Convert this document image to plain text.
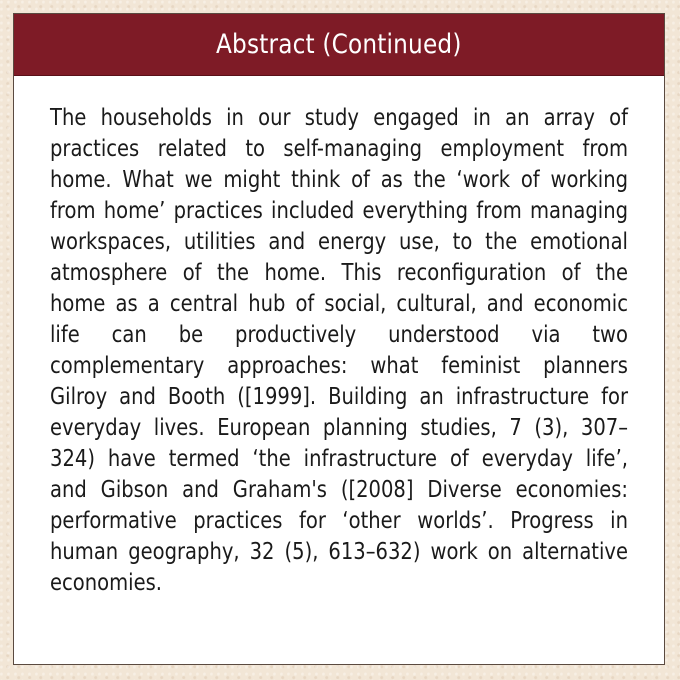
Abstract (Continued)

The households in our study engaged in an array of practices related to self-managing employment from home. What we might think of as the ‘work of working from home’ practices included everything from managing workspaces, utilities and energy use, to the emotional atmosphere of the home. This reconfiguration of the home as a central hub of social, cultural, and economic life can be productively understood via two complementary approaches: what feminist planners Gilroy and Booth ([1999]. Building an infrastructure for everyday lives. European planning studies, 7 (3), 307–324) have termed ‘the infrastructure of everyday life’, and Gibson and Graham's ([2008] Diverse economies: performative practices for ‘other worlds’. Progress in human geography, 32 (5), 613–632) work on alternative economies.
